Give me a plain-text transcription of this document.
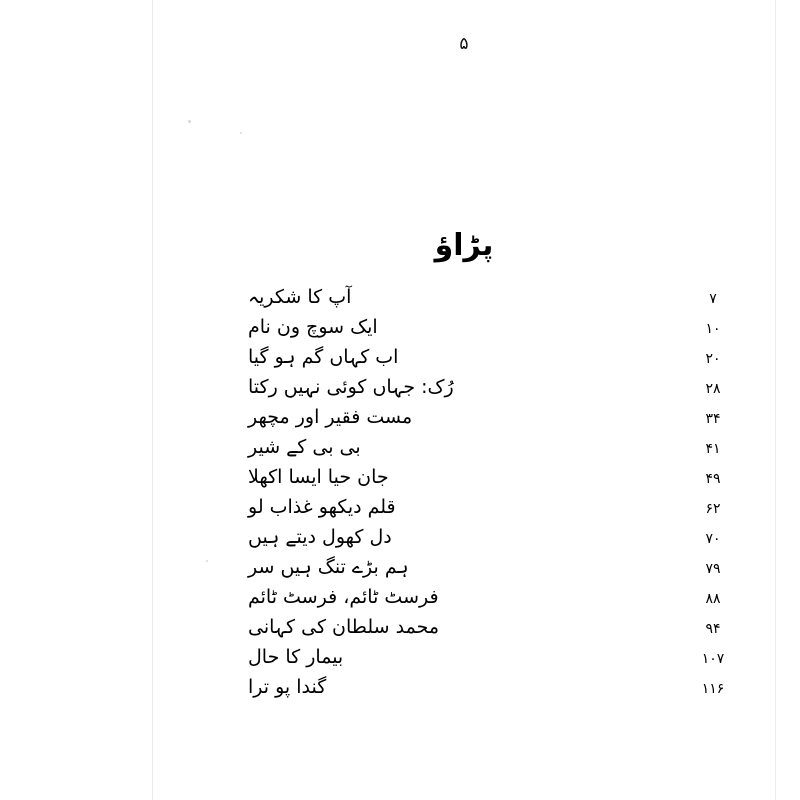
۵
پڑاؤ
۷
آپ کا شکریہ
۱۰
ایک سوچ ون نام
۲۰
اب کہاں گم ہو گیا
۲۸
رُک: جہاں کوئی نہیں رکتا
۳۴
مست فقیر اور مچھر
۴۱
بی بی کے شیر
۴۹
جان حیا ایسا اکھلا
۶۲
قلم دیکھو غذاب لو
۷۰
دل کھول دیتے ہیں
۷۹
ہم بڑے تنگ ہیں سر
۸۸
فرسٹ ٹائم، فرسٹ ٹائم
۹۴
محمد سلطان کی کہانی
۱۰۷
بیمار کا حال
۱۱۶
گندا پو ترا
